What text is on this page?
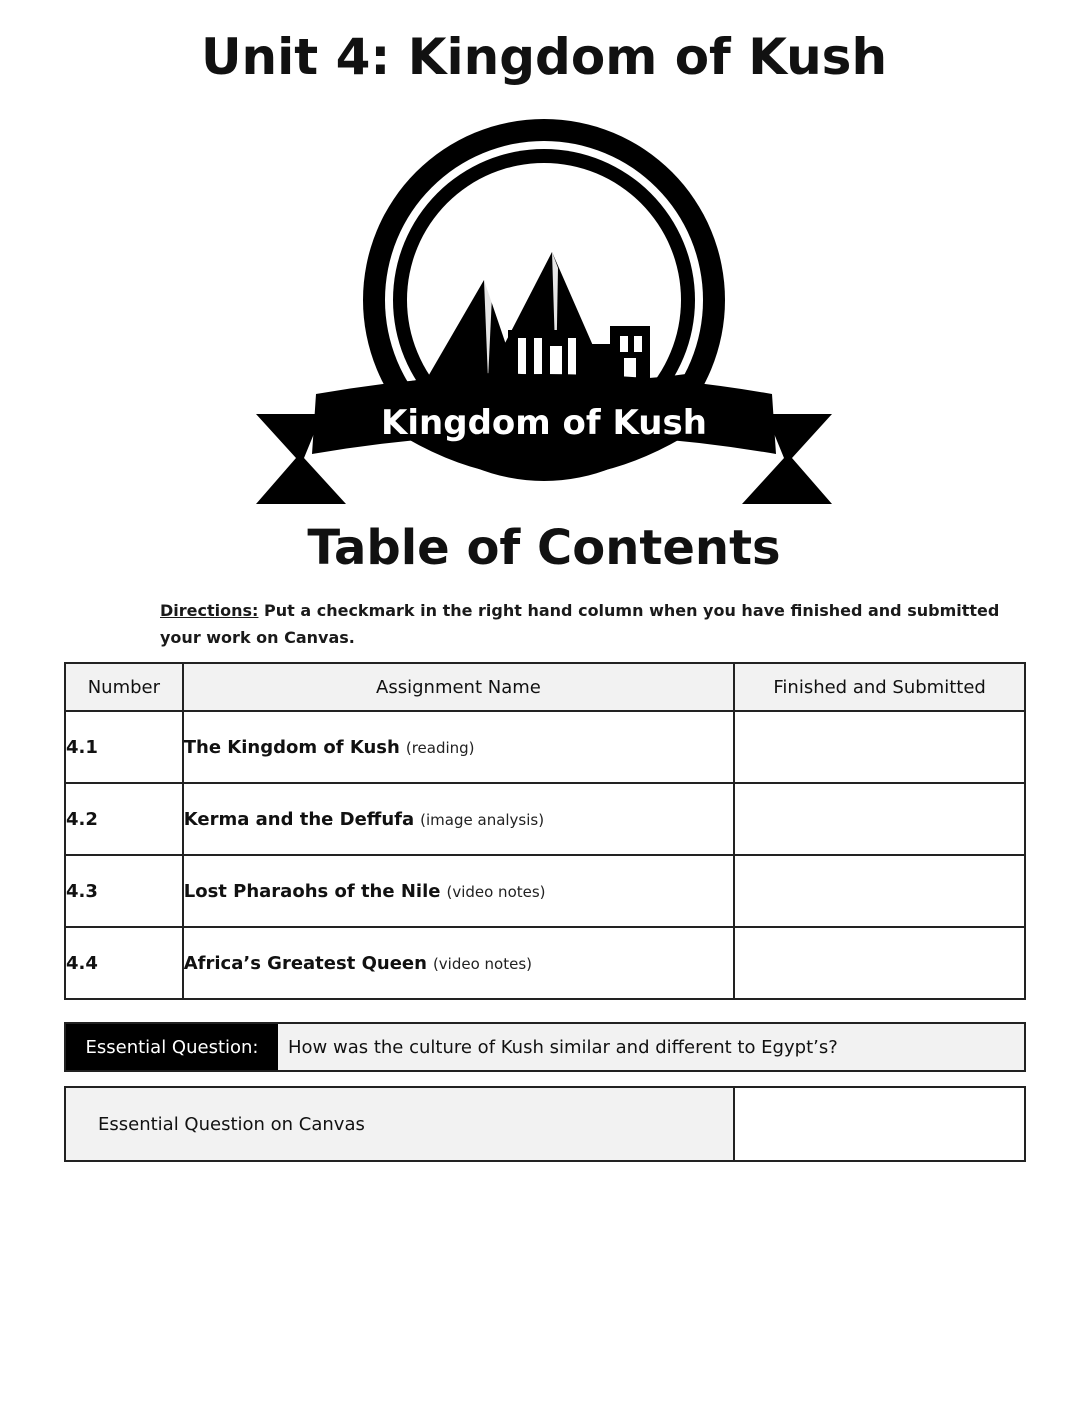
Unit 4: Kingdom of Kush
Kingdom of Kush
Table of Contents
Directions: Put a checkmark in the right hand column when you have finished and submitted your work on Canvas.
Number	Assignment Name	Finished and Submitted
4.1	The Kingdom of Kush (reading)	
4.2	Kerma and the Deffufa (image analysis)	
4.3	Lost Pharaohs of the Nile (video notes)	
4.4	Africa’s Greatest Queen (video notes)	
Essential Question:	How was the culture of Kush similar and different to Egypt’s?
Essential Question on Canvas
